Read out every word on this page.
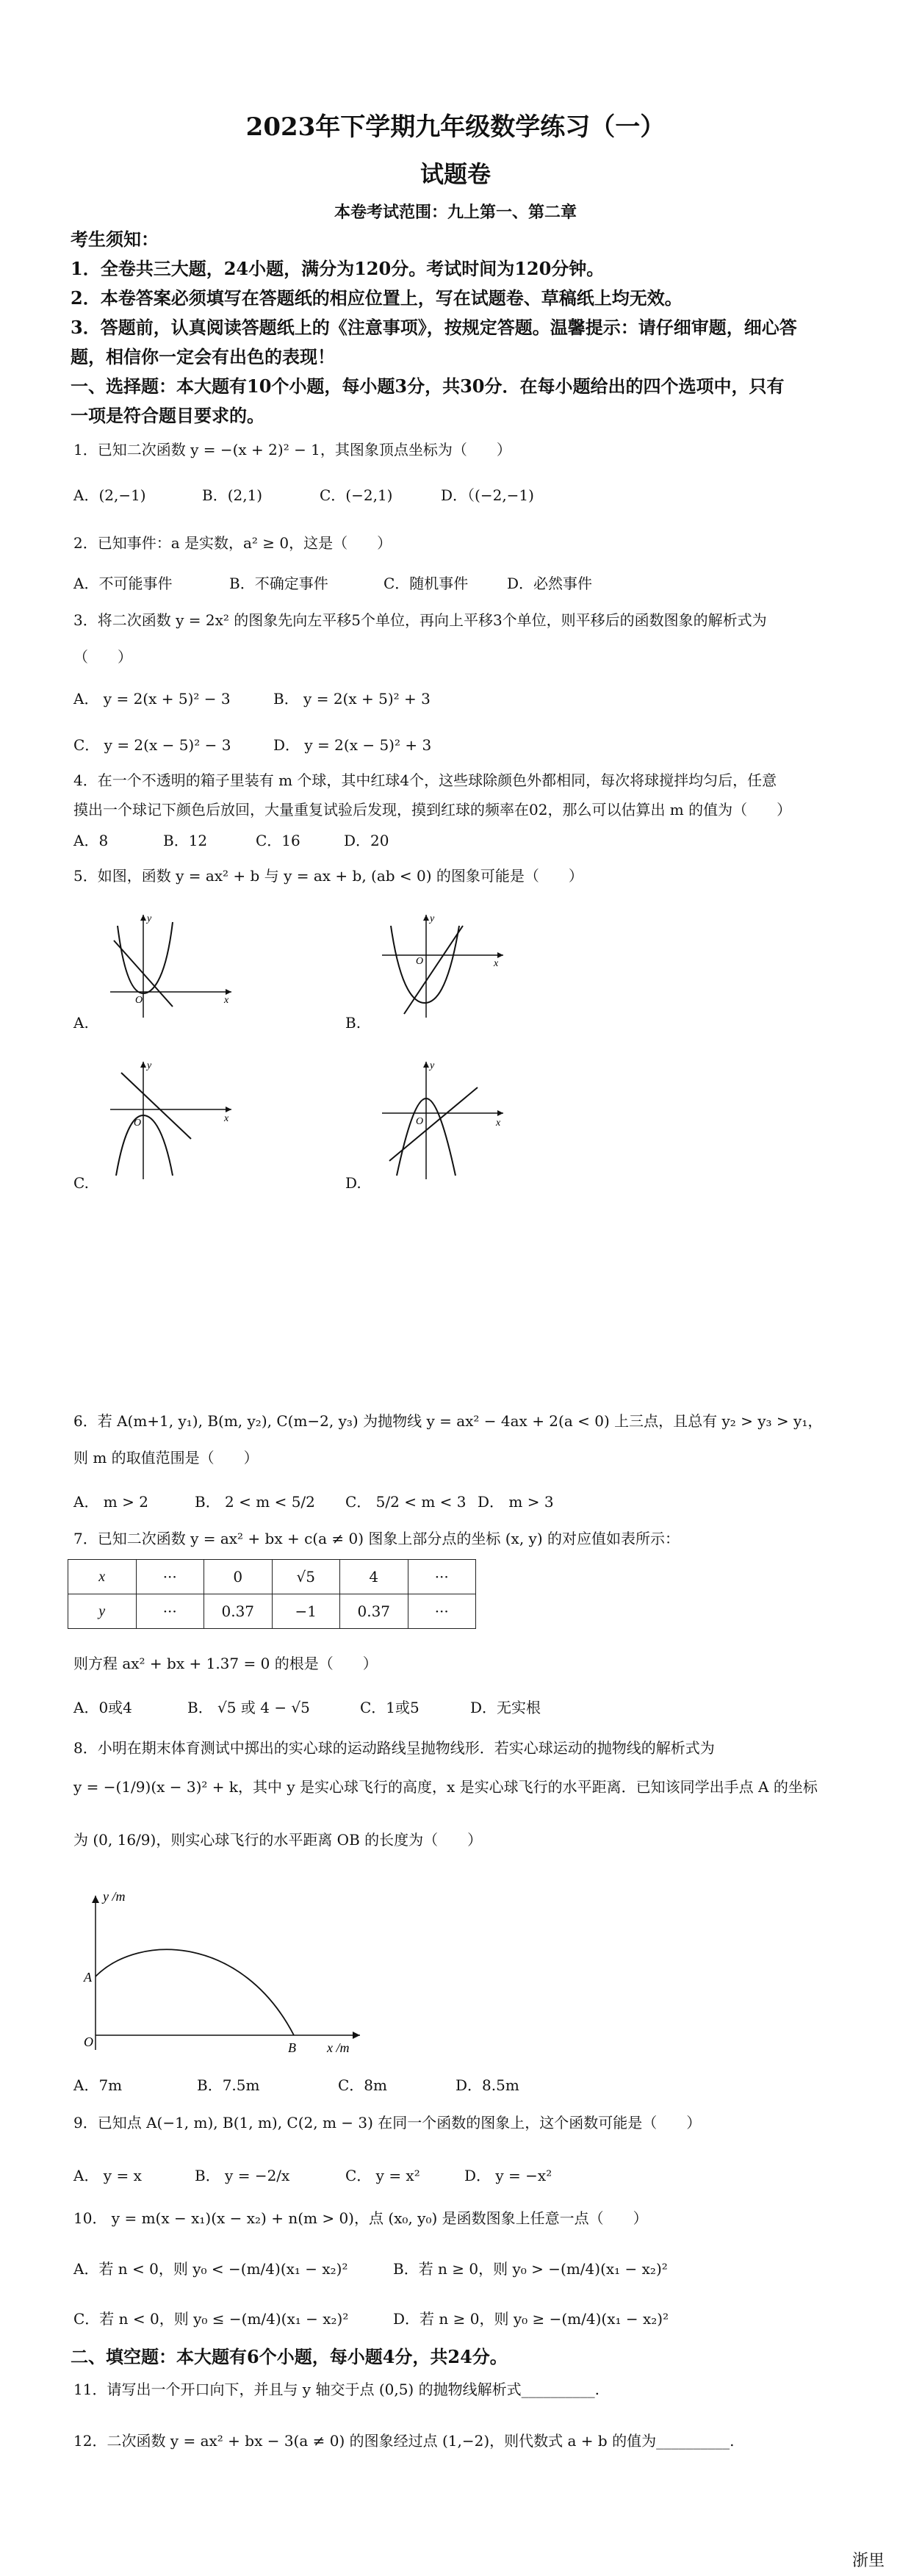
2023年下学期九年级数学练习（一）
试题卷
本卷考试范围：九上第一、第二章
考生须知：
1．全卷共三大题，24小题，满分为120分。考试时间为120分钟。
2．本卷答案必须填写在答题纸的相应位置上，写在试题卷、草稿纸上均无效。
3．答题前，认真阅读答题纸上的《注意事项》，按规定答题。温馨提示：请仔细审题，细心答
题，相信你一定会有出色的表现！
一、选择题：本大题有10个小题，每小题3分，共30分．在每小题给出的四个选项中，只有
一项是符合题目要求的。
1．已知二次函数 y = −(x + 2)² − 1，其图象顶点坐标为（　　）
A．(2,−1)	B．(2,1)	C．(−2,1)	D．（(−2,−1)
2．已知事件：a 是实数，a² ≥ 0，这是（　　）
A．不可能事件	B．不确定事件	C．随机事件	D．必然事件
3．将二次函数 y = 2x² 的图象先向左平移5个单位，再向上平移3个单位，则平移后的函数图象的解析式为
（　　）
A． y = 2(x + 5)² − 3	B． y = 2(x + 5)² + 3
C． y = 2(x − 5)² − 3	D． y = 2(x − 5)² + 3
4．在一个不透明的箱子里装有 m 个球，其中红球4个，这些球除颜色外都相同，每次将球搅拌均匀后，任意
摸出一个球记下颜色后放回，大量重复试验后发现，摸到红球的频率在02，那么可以估算出 m 的值为（　　）
A．8	B．12	C．16	D．20
5．如图，函数 y = ax² + b 与 y = ax + b, (ab < 0) 的图象可能是（　　）
O	x
y
A.
O	x
y
B.
O	x
y
C.
O	x
y
D.
6．若 A(m+1, y₁), B(m, y₂), C(m−2, y₃) 为抛物线 y = ax² − 4ax + 2(a < 0) 上三点，且总有 y₂ > y₃ > y₁，
则 m 的取值范围是（　　）
A． m > 2	B． 2 < m < 5/2 C． 5/2 < m < 3 D． m > 3
7．已知二次函数 y = ax² + bx + c(a ≠ 0) 图象上部分点的坐标 (x, y) 的对应值如表所示：
x	···	0	√5	4	···
y	···	0.37	−1	0.37	···
则方程 ax² + bx + 1.37 = 0 的根是（　　）
A．0或4	B． √5 或 4 − √5	C．1或5	D．无实根
8．小明在期末体育测试中掷出的实心球的运动路线呈抛物线形．若实心球运动的抛物线的解析式为
y = −(1/9)(x − 3)² + k，其中 y 是实心球飞行的高度，x 是实心球飞行的水平距离．已知该同学出手点 A 的坐标
为 (0, 16/9)，则实心球飞行的水平距离 OB 的长度为（　　）
y /m
x /m
A
B
O
A．7m	B．7.5m	C．8m	D．8.5m
9．已知点 A(−1, m), B(1, m), C(2, m − 3) 在同一个函数的图象上，这个函数可能是（　　）
A． y = x	B． y = −2/x	C． y = x²	D． y = −x²
10． y = m(x − x₁)(x − x₂) + n(m > 0)，点 (x₀, y₀) 是函数图象上任意一点（　　）
A．若 n < 0，则 y₀ < −(m/4)(x₁ − x₂)²	B．若 n ≥ 0，则 y₀ > −(m/4)(x₁ − x₂)²
C．若 n < 0，则 y₀ ≤ −(m/4)(x₁ − x₂)²	D．若 n ≥ 0，则 y₀ ≥ −(m/4)(x₁ − x₂)²
二、填空题：本大题有6个小题，每小题4分，共24分。
11．请写出一个开口向下，并且与 y 轴交于点 (0,5) 的抛物线解析式__________.
12．二次函数 y = ax² + bx − 3(a ≠ 0) 的图象经过点 (1,−2)，则代数式 a + b 的值为__________.
浙里
